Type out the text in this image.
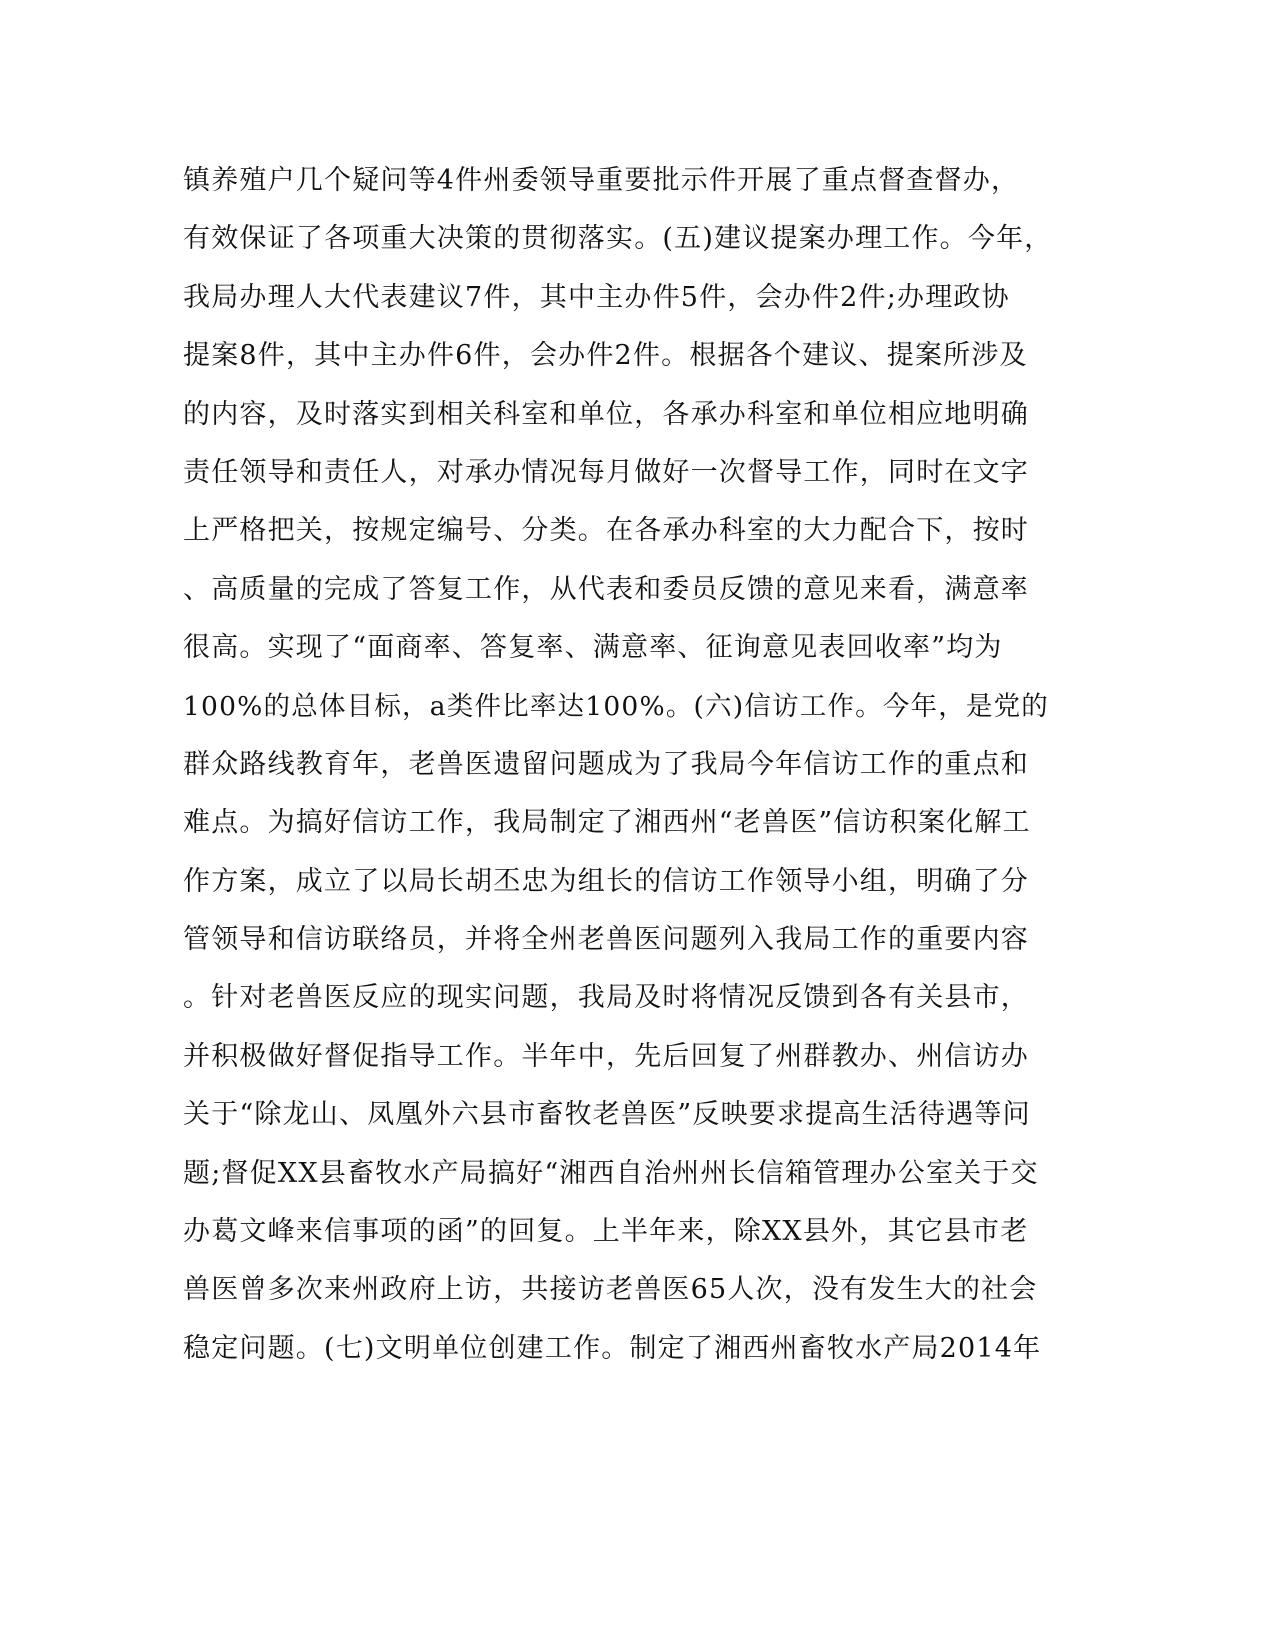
镇养殖户几个疑问等4件州委领导重要批示件开展了重点督查督办，
有效保证了各项重大决策的贯彻落实。(五)建议提案办理工作。今年，
我局办理人大代表建议7件，其中主办件5件，会办件2件;办理政协
提案8件，其中主办件6件，会办件2件。根据各个建议、提案所涉及
的内容，及时落实到相关科室和单位，各承办科室和单位相应地明确
责任领导和责任人，对承办情况每月做好一次督导工作，同时在文字
上严格把关，按规定编号、分类。在各承办科室的大力配合下，按时
、高质量的完成了答复工作，从代表和委员反馈的意见来看，满意率
很高。实现了“面商率、答复率、满意率、征询意见表回收率”均为
100%的总体目标，a类件比率达100%。(六)信访工作。今年，是党的
群众路线教育年，老兽医遗留问题成为了我局今年信访工作的重点和
难点。为搞好信访工作，我局制定了湘西州“老兽医”信访积案化解工
作方案，成立了以局长胡丕忠为组长的信访工作领导小组，明确了分
管领导和信访联络员，并将全州老兽医问题列入我局工作的重要内容
。针对老兽医反应的现实问题，我局及时将情况反馈到各有关县市，
并积极做好督促指导工作。半年中，先后回复了州群教办、州信访办
关于“除龙山、凤凰外六县市畜牧老兽医”反映要求提高生活待遇等问
题;督促XX县畜牧水产局搞好“湘西自治州州长信箱管理办公室关于交
办葛文峰来信事项的函”的回复。上半年来，除XX县外，其它县市老
兽医曾多次来州政府上访，共接访老兽医65人次，没有发生大的社会
稳定问题。(七)文明单位创建工作。制定了湘西州畜牧水产局2014年
